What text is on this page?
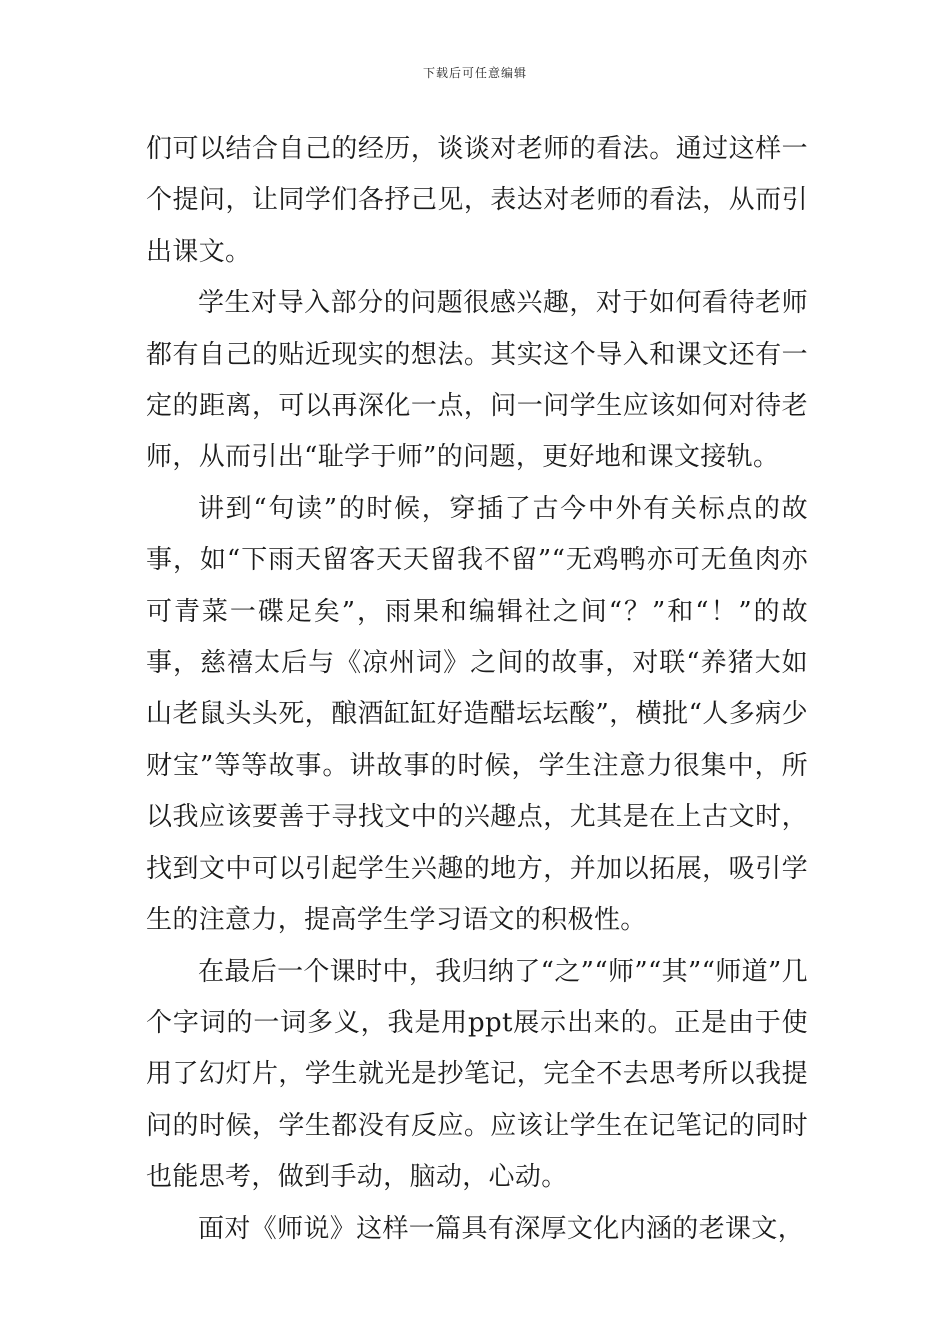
下载后可任意编辑

们可以结合自己的经历，谈谈对老师的看法。通过这样一个提问，让同学们各抒己见，表达对老师的看法，从而引出课文。

学生对导入部分的问题很感兴趣，对于如何看待老师都有自己的贴近现实的想法。其实这个导入和课文还有一定的距离，可以再深化一点，问一问学生应该如何对待老师，从而引出“耻学于师”的问题，更好地和课文接轨。

讲到“句读”的时候，穿插了古今中外有关标点的故事，如“下雨天留客天天留我不留”“无鸡鸭亦可无鱼肉亦可青菜一碟足矣”，雨果和编辑社之间“？”和“！”的故事，慈禧太后与《凉州词》之间的故事，对联“养猪大如山老鼠头头死，酿酒缸缸好造醋坛坛酸”，横批“人多病少财宝”等等故事。讲故事的时候，学生注意力很集中，所以我应该要善于寻找文中的兴趣点，尤其是在上古文时，找到文中可以引起学生兴趣的地方，并加以拓展，吸引学生的注意力，提高学生学习语文的积极性。

在最后一个课时中，我归纳了“之”“师”“其”“师道”几个字词的一词多义，我是用ppt展示出来的。正是由于使用了幻灯片，学生就光是抄笔记，完全不去思考所以我提问的时候，学生都没有反应。应该让学生在记笔记的同时也能思考，做到手动，脑动，心动。

面对《师说》这样一篇具有深厚文化内涵的老课文，
